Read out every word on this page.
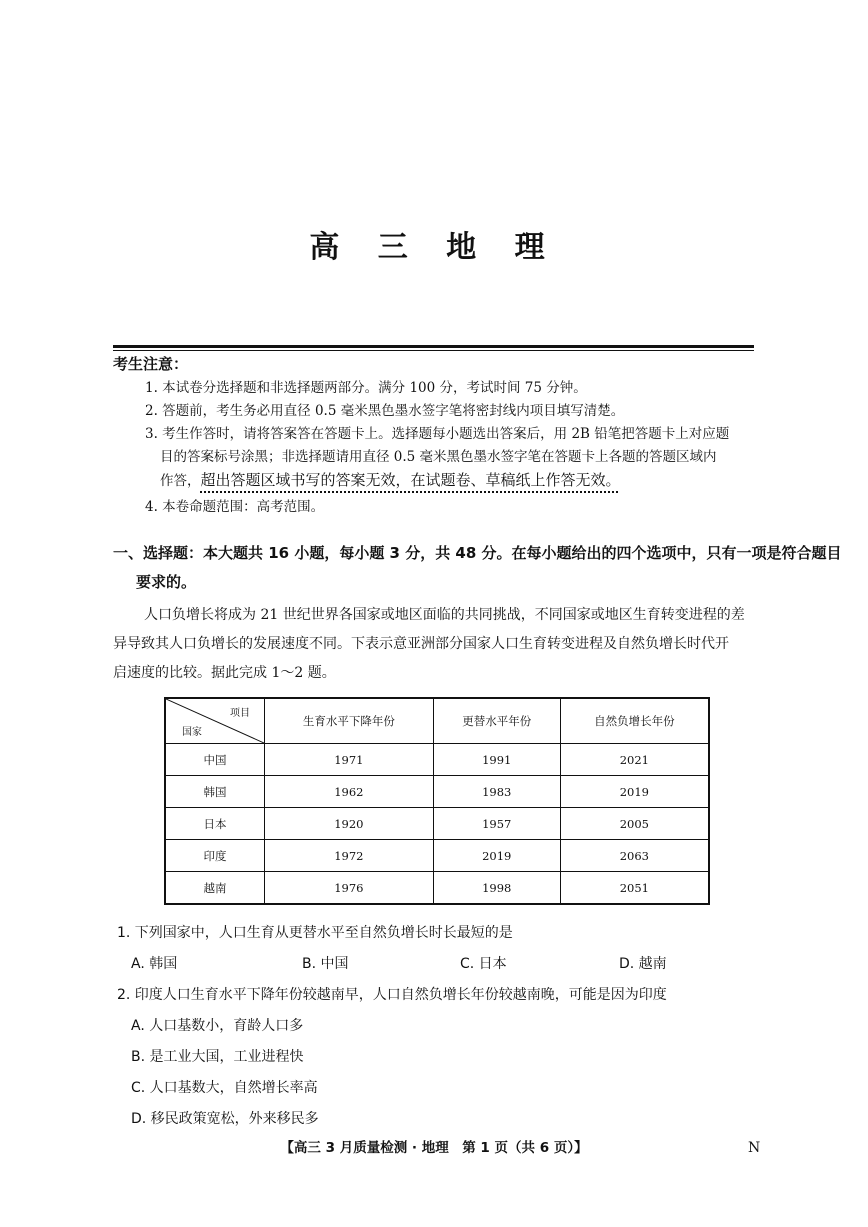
高 三 地 理
考生注意：
1. 本试卷分选择题和非选择题两部分。满分 100 分，考试时间 75 分钟。
2. 答题前，考生务必用直径 0.5 毫米黑色墨水签字笔将密封线内项目填写清楚。
3. 考生作答时，请将答案答在答题卡上。选择题每小题选出答案后，用 2B 铅笔把答题卡上对应题
目的答案标号涂黑；非选择题请用直径 0.5 毫米黑色墨水签字笔在答题卡上各题的答题区域内
作答，超出答题区域书写的答案无效，在试题卷、草稿纸上作答无效。
4. 本卷命题范围：高考范围。
一、选择题：本大题共 16 小题，每小题 3 分，共 48 分。在每小题给出的四个选项中，只有一项是符合题目
要求的。
人口负增长将成为 21 世纪世界各国家或地区面临的共同挑战，不同国家或地区生育转变进程的差
异导致其人口负增长的发展速度不同。下表示意亚洲部分国家人口生育转变进程及自然负增长时代开
启速度的比较。据此完成 1～2 题。
项目
国家	生育水平下降年份	更替水平年份	自然负增长年份
中国	1971	1991	2021
韩国	1962	1983	2019
日本	1920	1957	2005
印度	1972	2019	2063
越南	1976	1998	2051
1. 下列国家中，人口生育从更替水平至自然负增长时长最短的是
A. 韩国	B. 中国	C. 日本	D. 越南
2. 印度人口生育水平下降年份较越南早，人口自然负增长年份较越南晚，可能是因为印度
A. 人口基数小，育龄人口多
B. 是工业大国，工业进程快
C. 人口基数大，自然增长率高
D. 移民政策宽松，外来移民多
【高三 3 月质量检测 · 地理　第 1 页（共 6 页）】	N
